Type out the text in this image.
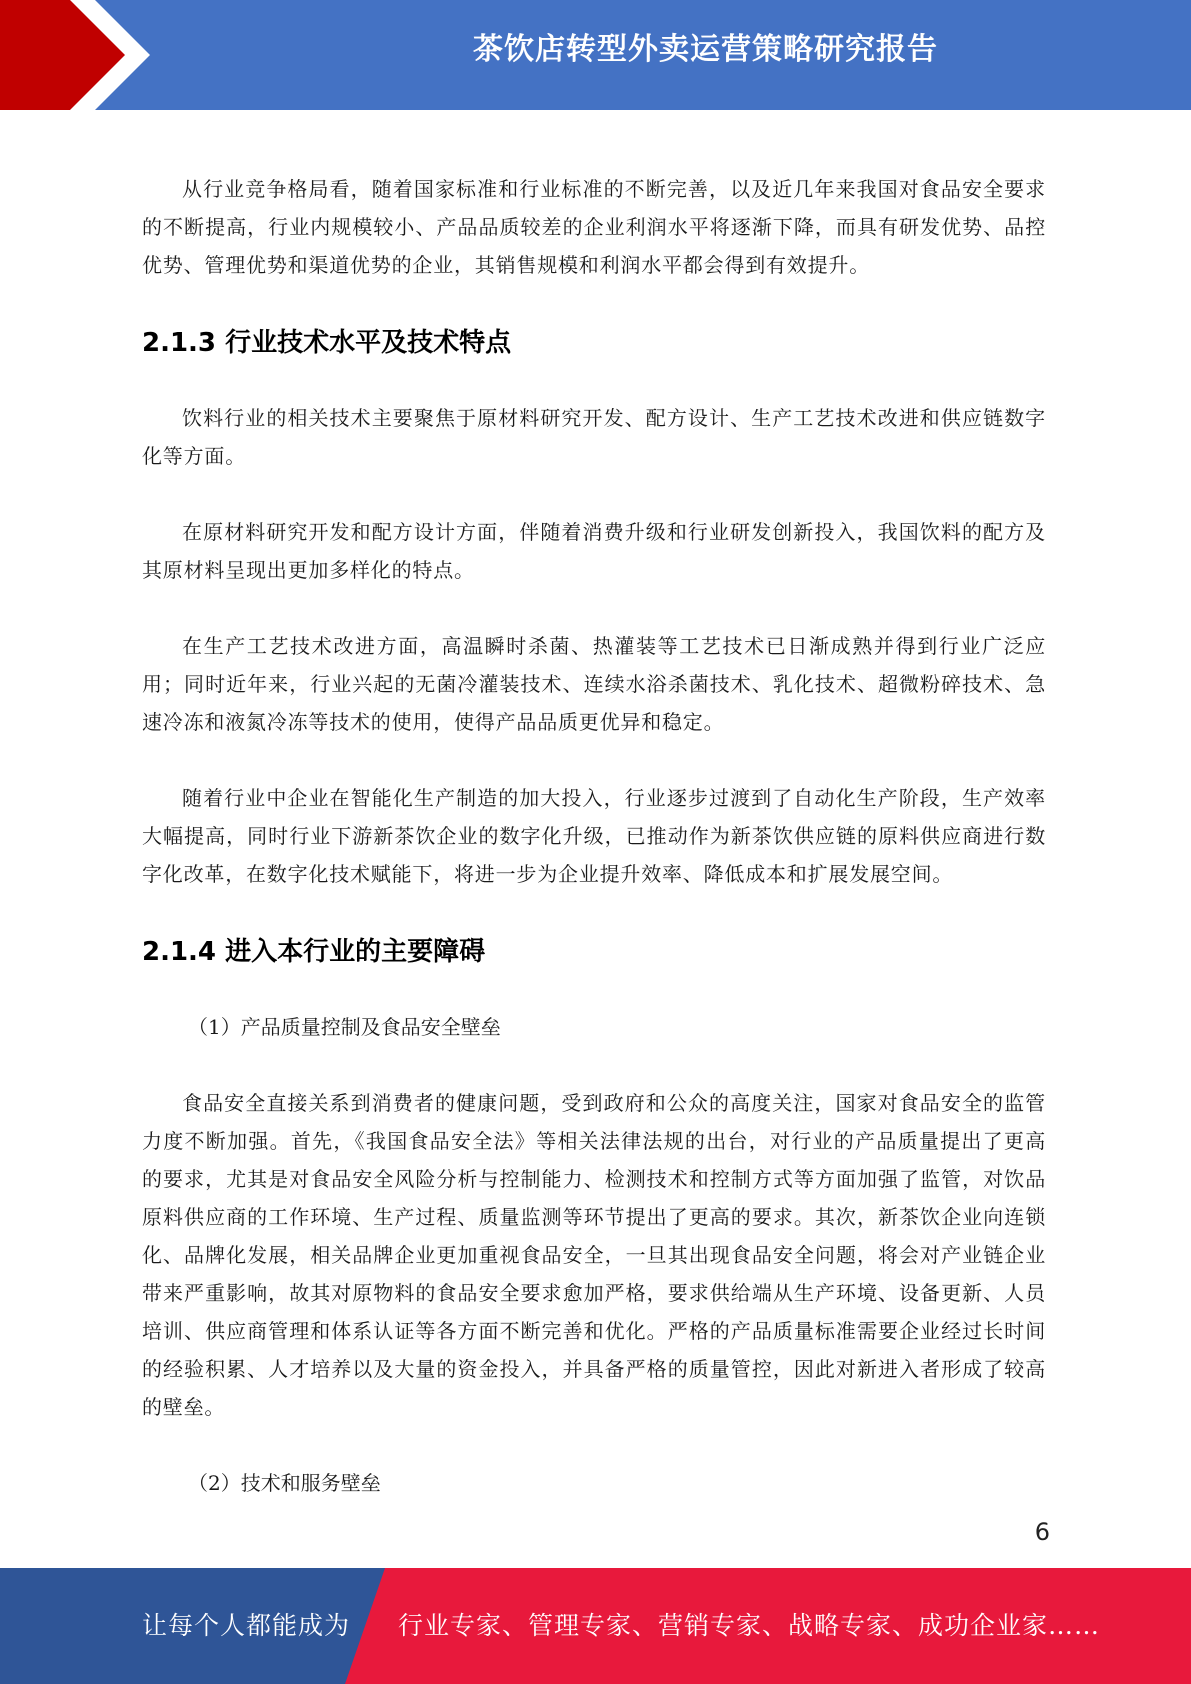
茶饮店转型外卖运营策略研究报告

从行业竞争格局看，随着国家标准和行业标准的不断完善，以及近几年来我国对食品安全要求的不断提高，行业内规模较小、产品品质较差的企业利润水平将逐渐下降，而具有研发优势、品控优势、管理优势和渠道优势的企业，其销售规模和利润水平都会得到有效提升。

2.1.3 行业技术水平及技术特点

饮料行业的相关技术主要聚焦于原材料研究开发、配方设计、生产工艺技术改进和供应链数字化等方面。

在原材料研究开发和配方设计方面，伴随着消费升级和行业研发创新投入，我国饮料的配方及其原材料呈现出更加多样化的特点。

在生产工艺技术改进方面，高温瞬时杀菌、热灌装等工艺技术已日渐成熟并得到行业广泛应用；同时近年来，行业兴起的无菌冷灌装技术、连续水浴杀菌技术、乳化技术、超微粉碎技术、急速冷冻和液氮冷冻等技术的使用，使得产品品质更优异和稳定。

随着行业中企业在智能化生产制造的加大投入，行业逐步过渡到了自动化生产阶段，生产效率大幅提高，同时行业下游新茶饮企业的数字化升级，已推动作为新茶饮供应链的原料供应商进行数字化改革，在数字化技术赋能下，将进一步为企业提升效率、降低成本和扩展发展空间。

2.1.4 进入本行业的主要障碍

（1）产品质量控制及食品安全壁垒

食品安全直接关系到消费者的健康问题，受到政府和公众的高度关注，国家对食品安全的监管力度不断加强。首先，《我国食品安全法》等相关法律法规的出台，对行业的产品质量提出了更高的要求，尤其是对食品安全风险分析与控制能力、检测技术和控制方式等方面加强了监管，对饮品原料供应商的工作环境、生产过程、质量监测等环节提出了更高的要求。其次，新茶饮企业向连锁化、品牌化发展，相关品牌企业更加重视食品安全，一旦其出现食品安全问题，将会对产业链企业带来严重影响，故其对原物料的食品安全要求愈加严格，要求供给端从生产环境、设备更新、人员培训、供应商管理和体系认证等各方面不断完善和优化。严格的产品质量标准需要企业经过长时间的经验积累、人才培养以及大量的资金投入，并具备严格的质量管控，因此对新进入者形成了较高的壁垒。

（2）技术和服务壁垒

6
让每个人都能成为 行业专家、管理专家、营销专家、战略专家、成功企业家……
